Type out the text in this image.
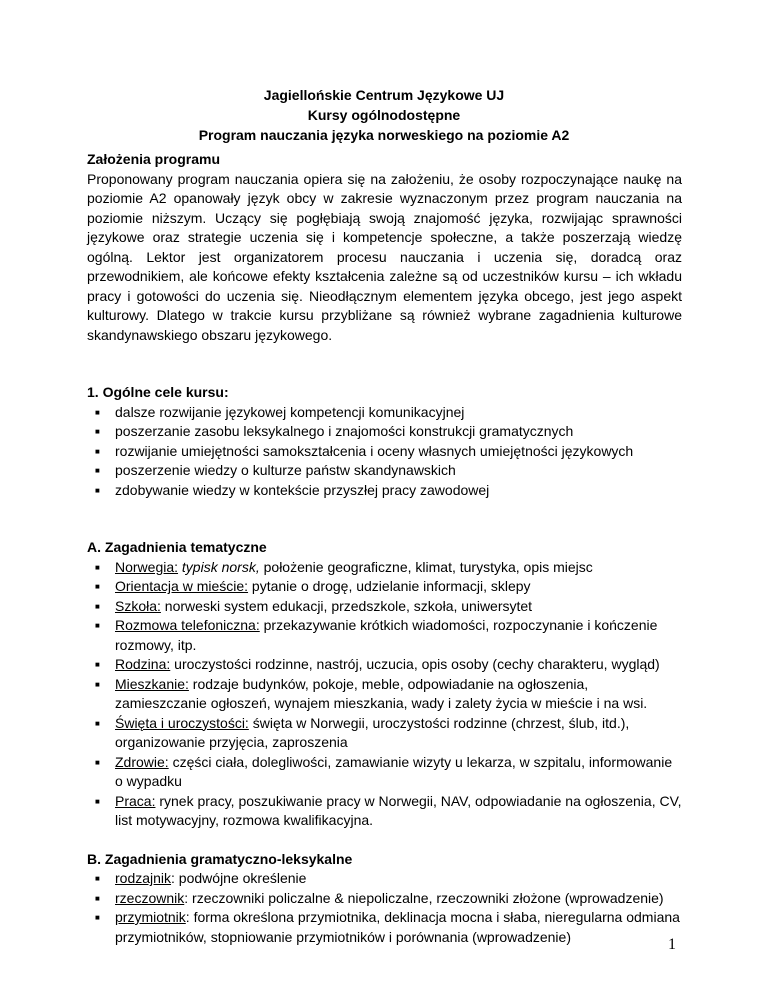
Jagiellońskie Centrum Językowe UJ
Kursy ogólnodostępne
Program nauczania języka norweskiego na poziomie A2
Założenia programu

Proponowany program nauczania opiera się na założeniu, że osoby rozpoczynające naukę na poziomie A2 opanowały język obcy w zakresie wyznaczonym przez program nauczania na poziomie niższym. Uczący się pogłębiają swoją znajomość języka, rozwijając sprawności językowe oraz strategie uczenia się i kompetencje społeczne, a także poszerzają wiedzę ogólną. Lektor jest organizatorem procesu nauczania i uczenia się, doradcą oraz przewodnikiem, ale końcowe efekty kształcenia zależne są od uczestników kursu – ich wkładu pracy i gotowości do uczenia się. Nieodłącznym elementem języka obcego, jest jego aspekt kulturowy. Dlatego w trakcie kursu przybliżane są również wybrane zagadnienia kulturowe skandynawskiego obszaru językowego.

1. Ogólne cele kursu:
■ dalsze rozwijanie językowej kompetencji komunikacyjnej
■ poszerzanie zasobu leksykalnego i znajomości konstrukcji gramatycznych
■ rozwijanie umiejętności samokształcenia i oceny własnych umiejętności językowych
■ poszerzenie wiedzy o kulturze państw skandynawskich
■ zdobywanie wiedzy w kontekście przyszłej pracy zawodowej
A. Zagadnienia tematyczne
■ Norwegia: typisk norsk, położenie geograficzne, klimat, turystyka, opis miejsc
■ Orientacja w mieście: pytanie o drogę, udzielanie informacji, sklepy
■ Szkoła: norweski system edukacji, przedszkole, szkoła, uniwersytet
■ Rozmowa telefoniczna: przekazywanie krótkich wiadomości, rozpoczynanie i kończenie rozmowy, itp.
■ Rodzina: uroczystości rodzinne, nastrój, uczucia, opis osoby (cechy charakteru, wygląd)
■ Mieszkanie: rodzaje budynków, pokoje, meble, odpowiadanie na ogłoszenia, zamieszczanie ogłoszeń, wynajem mieszkania, wady i zalety życia w mieście i na wsi.
■ Święta i uroczystości: święta w Norwegii, uroczystości rodzinne (chrzest, ślub, itd.), organizowanie przyjęcia, zaproszenia
■ Zdrowie: części ciała, dolegliwości, zamawianie wizyty u lekarza, w szpitalu, informowanie o wypadku
■ Praca: rynek pracy, poszukiwanie pracy w Norwegii, NAV, odpowiadanie na ogłoszenia, CV, list motywacyjny, rozmowa kwalifikacyjna.
B. Zagadnienia gramatyczno-leksykalne
■ rodzajnik: podwójne określenie
■ rzeczownik: rzeczowniki policzalne & niepoliczalne, rzeczowniki złożone (wprowadzenie)
■ przymiotnik: forma określona przymiotnika, deklinacja mocna i słaba, nieregularna odmiana przymiotników, stopniowanie przymiotników i porównania (wprowadzenie)	1
